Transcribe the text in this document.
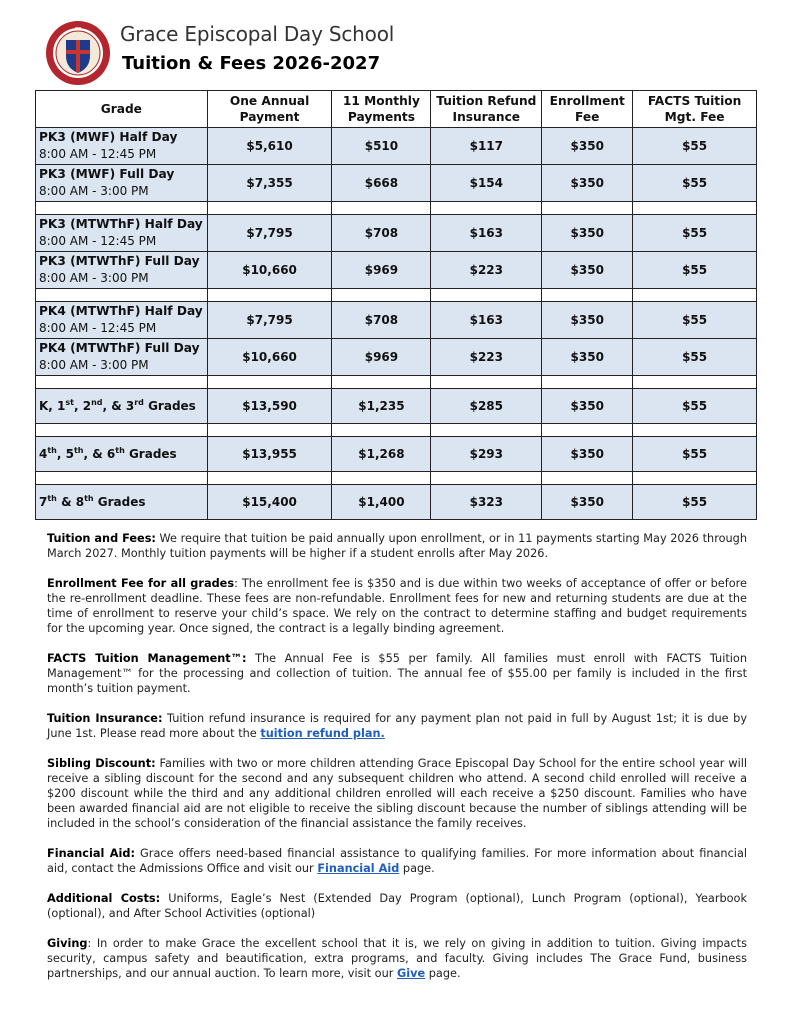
Grace Episcopal Day School
Tuition & Fees 2026-2027
Grade	One Annual Payment	11 Monthly Payments	Tuition Refund Insurance	Enrollment Fee	FACTS Tuition Mgt. Fee

PK3 (MWF) Half Day
8:00 AM - 12:45 PM	$5,610	$510	$117	$350	$55

PK3 (MWF) Full Day
8:00 AM - 3:00 PM	$7,355	$668	$154	$350	$55

PK3 (MTWThF) Half Day
8:00 AM - 12:45 PM	$7,795	$708	$163	$350	$55

PK3 (MTWThF) Full Day
8:00 AM - 3:00 PM	$10,660	$969	$223	$350	$55

PK4 (MTWThF) Half Day
8:00 AM - 12:45 PM	$7,795	$708	$163	$350	$55

PK4 (MTWThF) Full Day
8:00 AM - 3:00 PM	$10,660	$969	$223	$350	$55

K, 1st, 2nd, & 3rd Grades	$13,590	$1,235	$285	$350	$55

4th, 5th, & 6th Grades	$13,955	$1,268	$293	$350	$55

7th & 8th Grades	$15,400	$1,400	$323	$350	$55

Tuition and Fees: We require that tuition be paid annually upon enrollment, or in 11 payments starting May 2026 through March 2027. Monthly tuition payments will be higher if a student enrolls after May 2026.

Enrollment Fee for all grades: The enrollment fee is $350 and is due within two weeks of acceptance of offer or before the re-enrollment deadline. These fees are non-refundable. Enrollment fees for new and returning students are due at the time of enrollment to reserve your child’s space. We rely on the contract to determine staffing and budget requirements for the upcoming year. Once signed, the contract is a legally binding agreement.

FACTS Tuition Management™: The Annual Fee is $55 per family. All families must enroll with FACTS Tuition Management™ for the processing and collection of tuition. The annual fee of $55.00 per family is included in the first month’s tuition payment.

Tuition Insurance: Tuition refund insurance is required for any payment plan not paid in full by August 1st; it is due by June 1st. Please read more about the tuition refund plan.

Sibling Discount: Families with two or more children attending Grace Episcopal Day School for the entire school year will receive a sibling discount for the second and any subsequent children who attend. A second child enrolled will receive a $200 discount while the third and any additional children enrolled will each receive a $250 discount. Families who have been awarded financial aid are not eligible to receive the sibling discount because the number of siblings attending will be included in the school’s consideration of the financial assistance the family receives.

Financial Aid: Grace offers need-based financial assistance to qualifying families. For more information about financial aid, contact the Admissions Office and visit our Financial Aid page.

Additional Costs: Uniforms, Eagle’s Nest (Extended Day Program (optional), Lunch Program (optional), Yearbook (optional), and After School Activities (optional)

Giving: In order to make Grace the excellent school that it is, we rely on giving in addition to tuition. Giving impacts security, campus safety and beautification, extra programs, and faculty. Giving includes The Grace Fund, business partnerships, and our annual auction. To learn more, visit our Give page.
